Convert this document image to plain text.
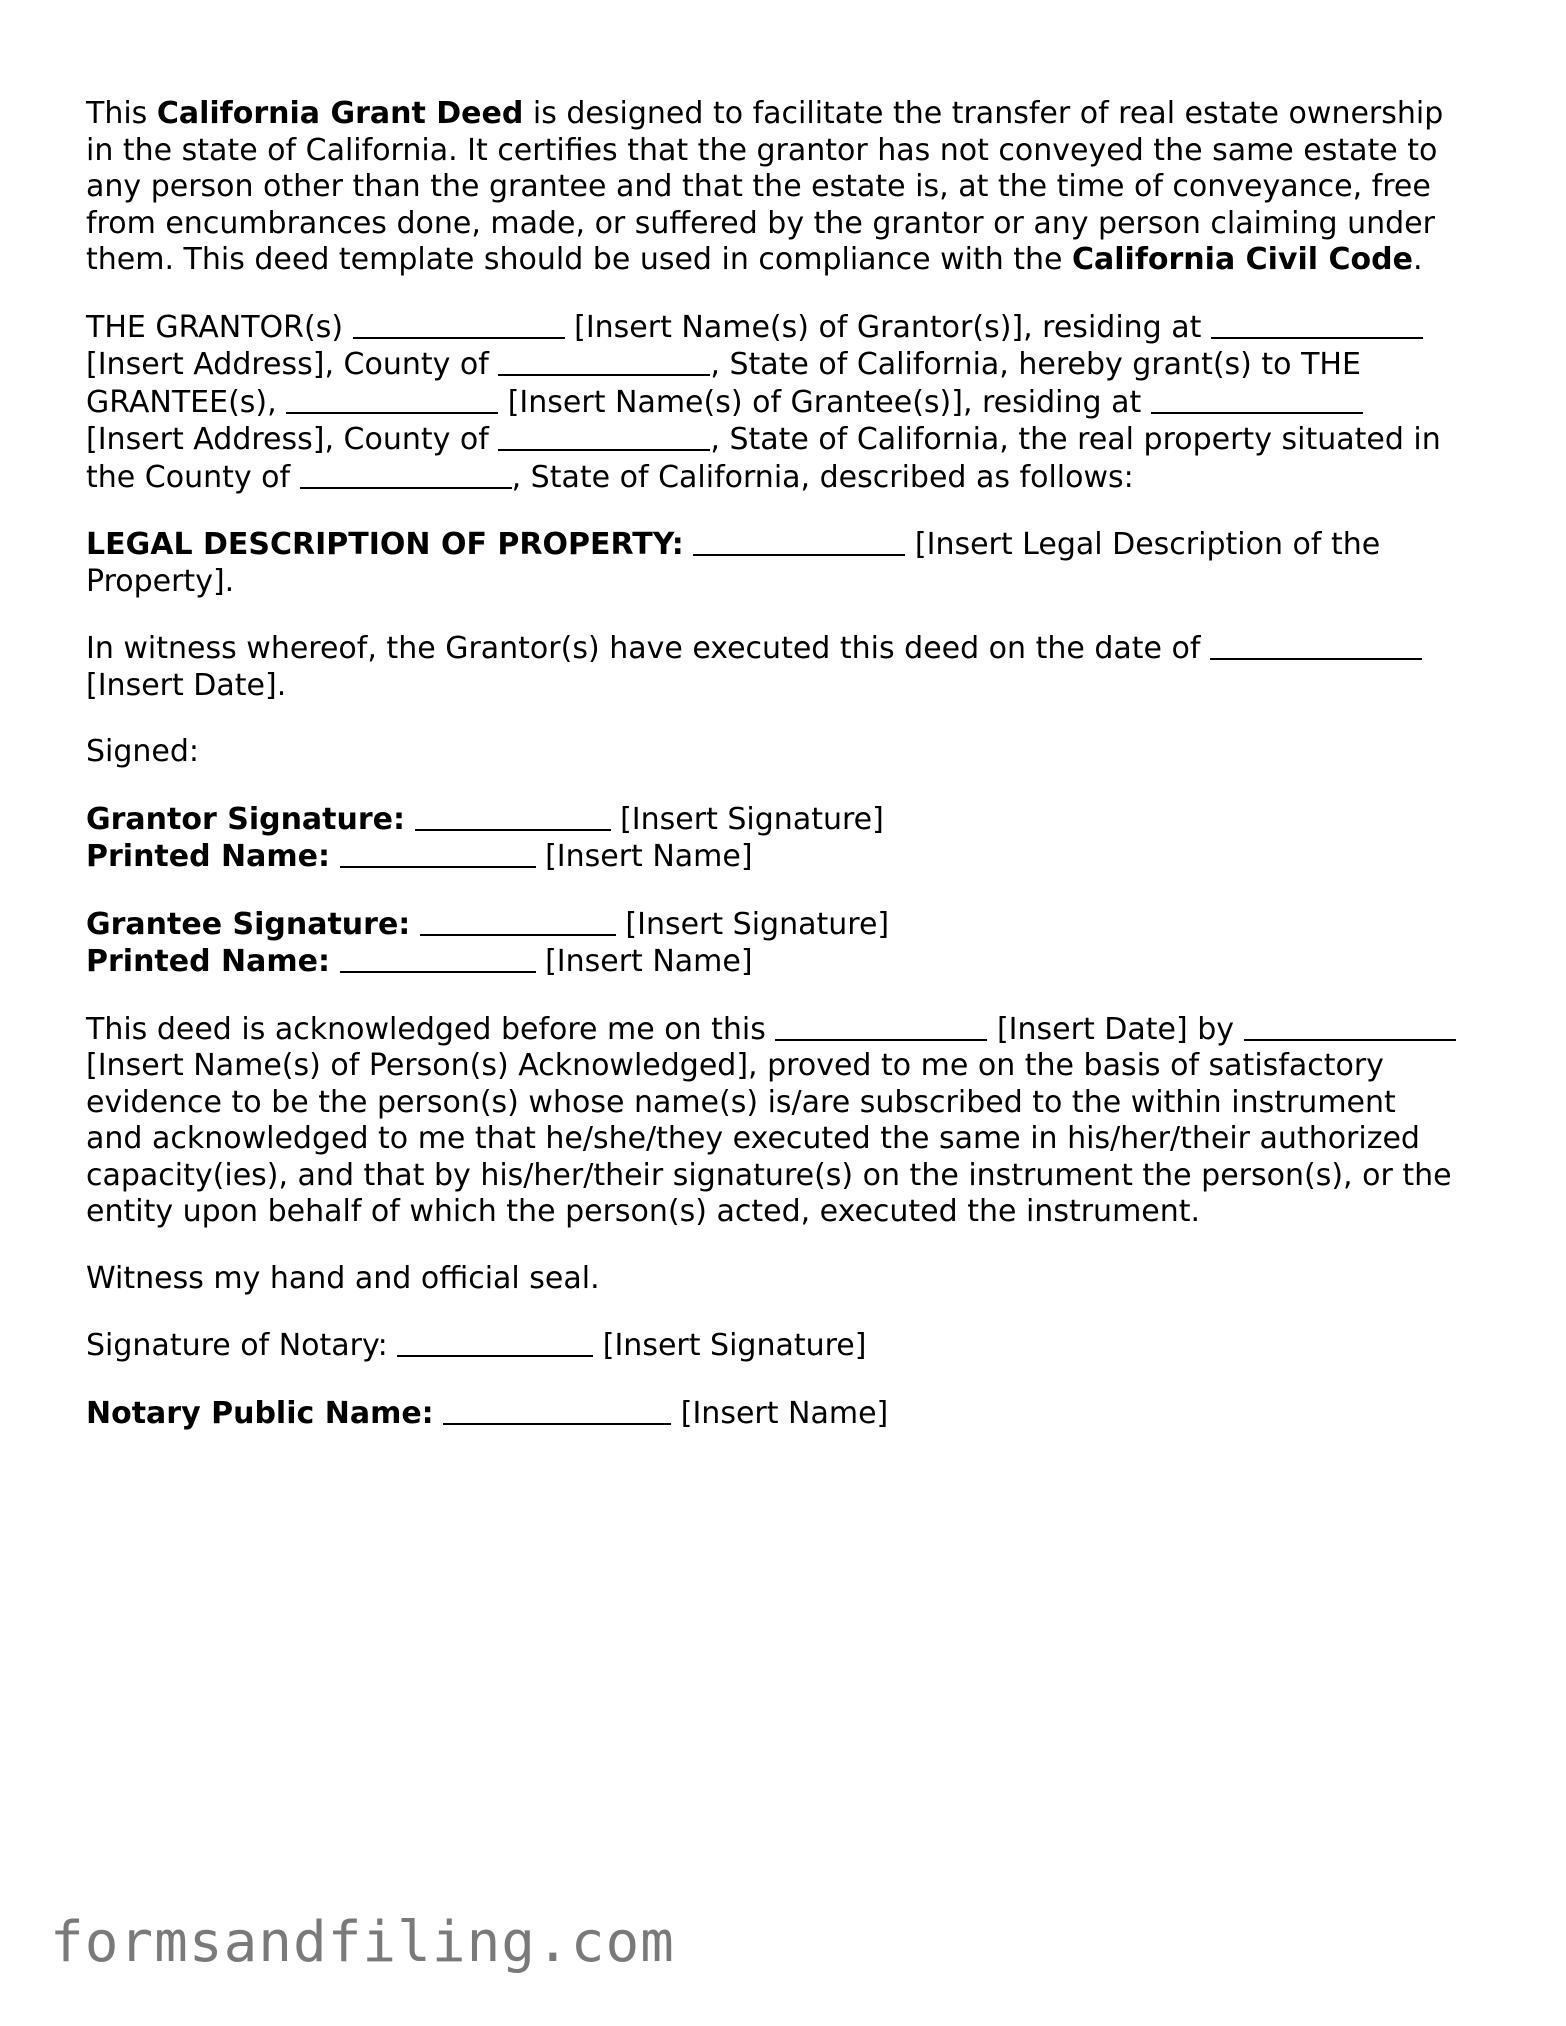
This California Grant Deed is designed to facilitate the transfer of real estate ownership
in the state of California. It certifies that the grantor has not conveyed the same estate to
any person other than the grantee and that the estate is, at the time of conveyance, free
from encumbrances done, made, or suffered by the grantor or any person claiming under
them. This deed template should be used in compliance with the California Civil Code.

THE GRANTOR(s)	[Insert Name(s) of Grantor(s)], residing at
[Insert Address], County of	, State of California, hereby grant(s) to THE
GRANTEE(s),	[Insert Name(s) of Grantee(s)], residing at
[Insert Address], County of	, State of California, the real property situated in
the County of	, State of California, described as follows:

LEGAL DESCRIPTION OF PROPERTY:	[Insert Legal Description of the
Property].

In witness whereof, the Grantor(s) have executed this deed on the date of
[Insert Date].

Signed:

Grantor Signature:	[Insert Signature]
Printed Name:	[Insert Name]

Grantee Signature:	[Insert Signature]
Printed Name:	[Insert Name]

This deed is acknowledged before me on this	[Insert Date] by
[Insert Name(s) of Person(s) Acknowledged], proved to me on the basis of satisfactory
evidence to be the person(s) whose name(s) is/are subscribed to the within instrument
and acknowledged to me that he/she/they executed the same in his/her/their authorized
capacity(ies), and that by his/her/their signature(s) on the instrument the person(s), or the
entity upon behalf of which the person(s) acted, executed the instrument.

Witness my hand and official seal.

Signature of Notary:	[Insert Signature]

Notary Public Name:	[Insert Name]

formsandfiling.com
